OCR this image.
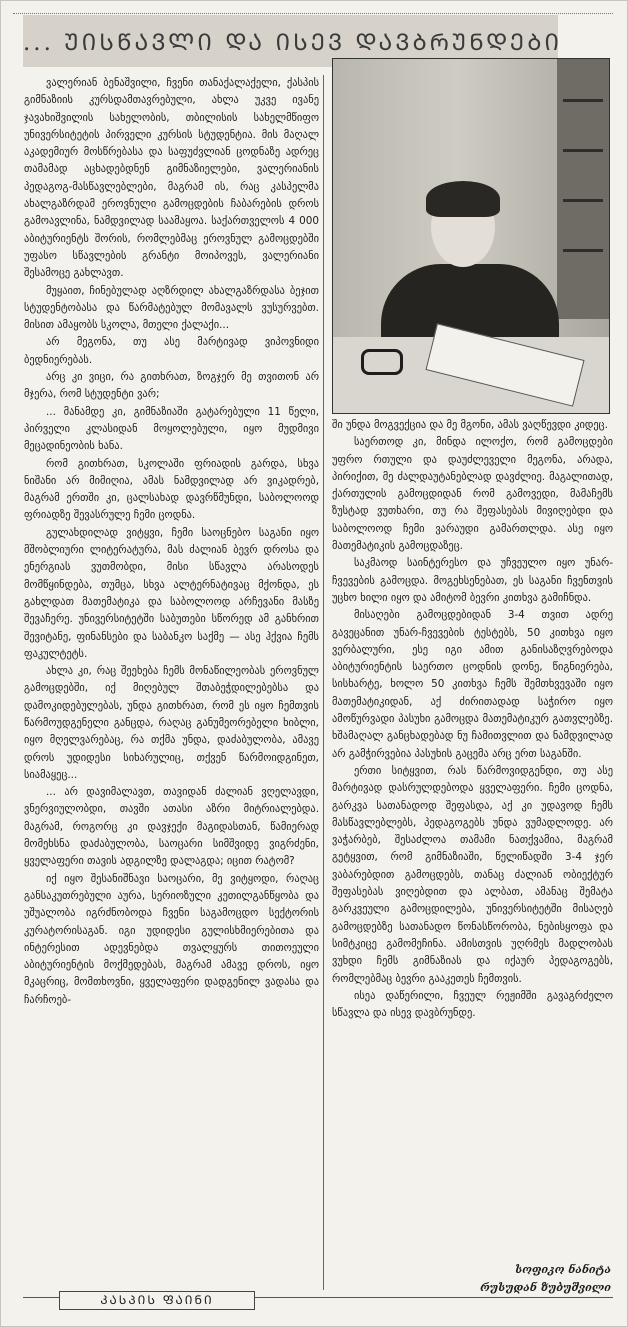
... ᲣᲘᲡᲬᲐᲕᲚᲘ ᲓᲐ ᲘᲡᲔᲕ ᲓᲐᲕᲑᲠᲣᲜᲓᲔᲑᲘ

ვალერიან ბენაშვილი, ჩვენი თანაქალაქელი, ქასპის გიმნაზიის კურსდამთავრებული, ახლა უკვე ივანე ჯავახიშვილის სახელობის, თბილისის სახელმწიფო უნივერსიტეტის პირველი კურსის სტუდენტია. მის მაღალ აკადემიურ მოსწრებასა და საფუძვლიან ცოდნაზე ადრეც თამამად აცხადებდნენ გიმნაზიელები, ვალერიანის პედაგოგ-მასწავლებლები, მაგრამ ის, რაც კასპელმა ახალგაზრდამ ეროვნული გამოცდების ჩაბარების დროს გამოავლინა, ნამდვილად საამაყოა. საქართველოს 4 000 აბიტურიენტს შორის, რომლებმაც ეროვნულ გამოცდებში უფასო სწავლების გრანტი მოიპოვეს, ვალერიანი შესამოცე გახლავთ.

მუყაით, ჩინებულად აღზრდილ ახალგაზრდასა ბეჯით სტუდენტობასა და წარმატებულ მომავალს ვუსურვებთ. მისით ამაყობს სკოლა, მთელი ქალაქი...

არ მეგონა, თუ ასე მარტივად ვიპოვნიდი ბედნიერებას.

არც კი ვიცი, რა გითხრათ, ზოგჯერ მე თვითონ არ მჯერა, რომ სტუდენტი ვარ;

... მანამდე კი, გიმნაზიაში გატარებული 11 წელი, პირველი კლასიდან მოყოლებული, იყო მუდმივი მეცადინეობის ხანა.

რომ გითხრათ, სკოლაში ფრიადის გარდა, სხვა ნიშანი არ მიმიღია, ამას ნამდვილად არ ვიკადრებ, მაგრამ ერთში კი, ცალსახად დავრწმუნდი, საბოლოოდ ფრიადზე შევასრულე ჩემი ცოდნა.

გულახდილად ვიტყვი, ჩემი საოცნებო საგანი იყო მშობლიური ლიტერატურა, მას ძალიან ბევრ დროსა და ენერგიას ვუთმობდი, მისი სწავლა არასოდეს მომწყინდება, თუმცა, სხვა ალტერნატივაც მქონდა, ეს გახლდათ მათემატიკა და საბოლოოდ არჩევანი მასზე შევაჩერე. უნივერსიტეტში საბუთები სწორედ ამ განხრით შევიტანე, ფინანსები და საბანკო საქმე — ასე ჰქვია ჩემს ფაკულტეტს.

ახლა კი, რაც შეეხება ჩემს მონაწილეობას ეროვნულ გამოცდებში, იქ მიღებულ შთაბეჭდილებებსა და დამოკიდებულებას, უნდა გითხრათ, რომ ეს იყო ჩემთვის წარმოუდგენელი განცდა, რაღაც განუმეორებელი ხიბლი, იყო მღელვარებაც, რა თქმა უნდა, დაძაბულობა, ამავე დროს უდიდესი სიხარულიც, თქვენ წარმოიდგინეთ, სიამაყეც...

... არ დავიმალავთ, თავიდან ძალიან ვღელავდი, ვნერვიულობდი, თავში ათასი აზრი მიტრიალებდა. მაგრამ, როგორც კი დავჯექი მაგიდასთან, წამიერად მომეხსნა დაძაბულობა, საოცარი სიმშვიდე ვიგრძენი, ყველაფერი თავის ადგილზე დალაგდა; იცით რატომ?

იქ იყო შესანიშნავი საოცარი, მე ვიტყოდი, რაღაც განსაკუთრებული აურა, სერიოზული კეთილგანწყობა და უშუალობა იგრძნობოდა ჩვენი საგამოცდო სექტორის კურატორისაგან. იგი უდიდესი გულისხმიერებითა და ინტერესით ადევნებდა თვალყურს თითოეული აბიტურიენტის მოქმედებას, მაგრამ ამავე დროს, იყო მკაცრიც, მომთხოვნი, ყველაფერი დადგენილ ვადასა და ჩარჩოებ-

ში უნდა მოგვექცია და მე მგონი, ამას ვაღწევდი კიდეც.

საერთოდ კი, მინდა ილოქო, რომ გამოცდები უფრო რთული და დაუძლეველი მეგონა, არადა, პირიქით, მე ძალდაუტანებლად დავძლიე. მაგალითად, ქართულის გამოცდიდან რომ გამოვედი, მამაჩემს ზუსტად ვუთხარი, თუ რა შეფასებას მივიღებდი და საბოლოოდ ჩემი ვარაუდი გამართლდა. ასე იყო მათემატიკის გამოცდაზეც.

საკმაოდ საინტერესო და უჩვეულო იყო უნარ-ჩვევების გამოცდა. მოგეხსენებათ, ეს საგანი ჩვენთვის უცხო ხილი იყო და ამიტომ ბევრი კითხვა გამიჩნდა.

მისაღები გამოცდებიდან 3-4 თვით ადრე გავეცანით უნარ-ჩვევების ტესტებს, 50 კითხვა იყო ვერბალური, ესე იგი ამით განისაზღვრებოდა აბიტურიენტის საერთო ცოდნის დონე, წიგნიერება, სისხარტე, ხოლო 50 კითხვა ჩემს შემთხვევაში იყო მათემატიკიდან, აქ ძირითადად საჭირო იყო ამოწურვადი პასუხი გამოცდა მათემატიკურ გათვლებზე. ხშამაღალ განცხადებად ნუ ჩამითვლით და ნამდვილად არ გამჭირვებია პასუხის გაცემა არც ერთ საგანში.

ერთი სიტყვით, რას წარმოვიდგენდი, თუ ასე მარტივად დასრულდებოდა ყველაფერი. ჩემი ცოდნა, გარკვა სათანადოდ შეფასდა, აქ კი უდავოდ ჩემს მასწავლებლებს, პედაგოგებს უნდა ვუმადლოდე. არ ვაჭარბებ, შესაძლოა თამამი ნათქვამია, მაგრამ გეტყვით, რომ გიმნაზიაში, წელიწადში 3-4 ჯერ ვაბარებდით გამოცდებს, თანაც ძალიან ობიექტურ შეფასებას ვიღებდით და ალბათ, ამანაც შემატა გარკვეული გამოცდილება, უნივერსიტეტში მისაღებ გამოცდებზე სათანადო წონასწორობა, ნებისყოფა და სიმტკიცე გამომეჩინა. ამისთვის უღრმეს მადლობას ვუხდი ჩემს გიმნაზიას და იქაურ პედაგოგებს, რომლებმაც ბევრი გააკეთეს ჩემთვის.

ისეა დაწერილი, ჩვეულ რეჟიმში გავაგრძელო სწავლა და ისევ დავბრუნდე.

სოფიკო ნანიტა
რუსუდან ზუბუშვილი
ᲙᲐᲡᲞᲘᲡ ᲤᲐᲘᲜᲘ
